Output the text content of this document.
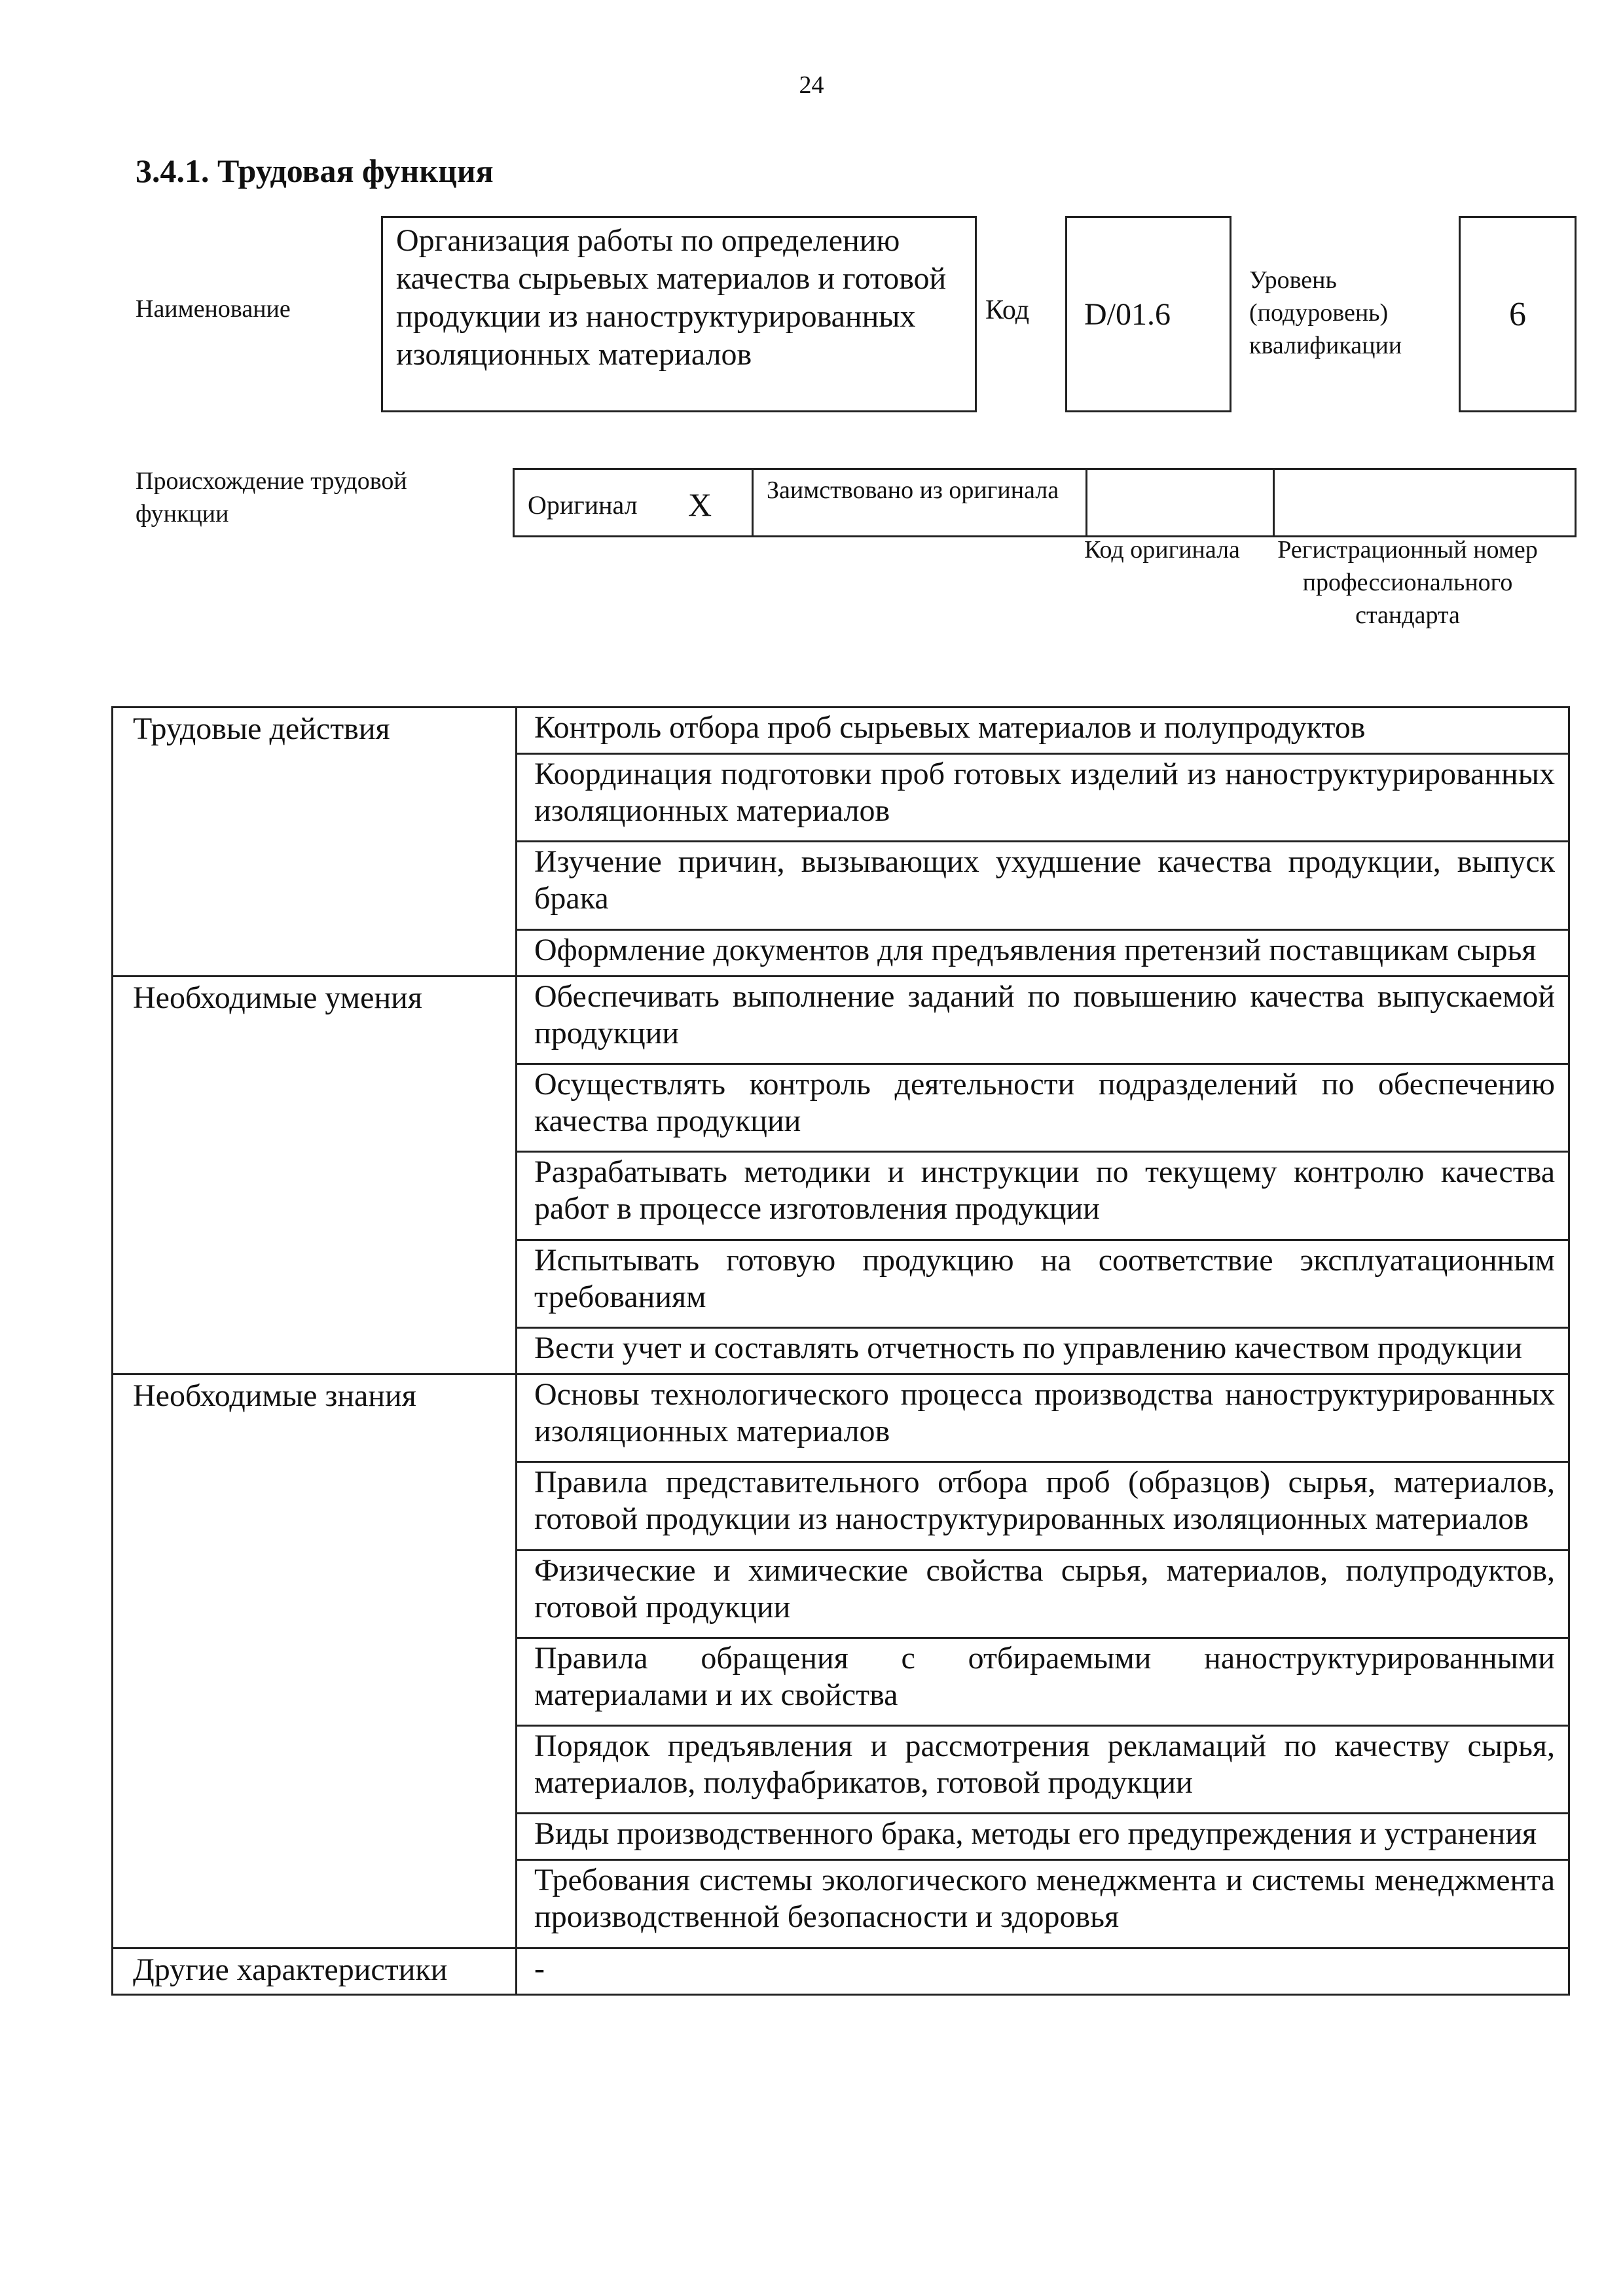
24
3.4.1. Трудовая функция
Наименование
Организация работы по определению качества сырьевых материалов и готовой продукции из наноструктурированных изоляционных материалов
Код D/01.6
Уровень (подуровень) квалификации
6
Происхождение трудовой функции	Оригинал X	Заимствовано из оригинала
Код оригинала Регистрационный номер профессионального стандарта
Трудовые действия	Контроль отбора проб сырьевых материалов и полупродуктов
	Координация подготовки проб готовых изделий из наноструктурированных изоляционных материалов
	Изучение причин, вызывающих ухудшение качества продукции, выпуск брака
	Оформление документов для предъявления претензий поставщикам сырья
Необходимые умения	Обеспечивать выполнение заданий по повышению качества выпускаемой продукции
	Осуществлять контроль деятельности подразделений по обеспечению качества продукции
	Разрабатывать методики и инструкции по текущему контролю качества работ в процессе изготовления продукции
	Испытывать готовую продукцию на соответствие эксплуатационным требованиям
	Вести учет и составлять отчетность по управлению качеством продукции
Необходимые знания	Основы технологического процесса производства наноструктурированных изоляционных материалов
	Правила представительного отбора проб (образцов) сырья, материалов, готовой продукции из наноструктурированных изоляционных материалов
	Физические и химические свойства сырья, материалов, полупродуктов, готовой продукции
	Правила обращения с отбираемыми наноструктурированными материалами и их свойства
	Порядок предъявления и рассмотрения рекламаций по качеству сырья, материалов, полуфабрикатов, готовой продукции
	Виды производственного брака, методы его предупреждения и устранения
	Требования системы экологического менеджмента и системы менеджмента производственной безопасности и здоровья
Другие характеристики	-
